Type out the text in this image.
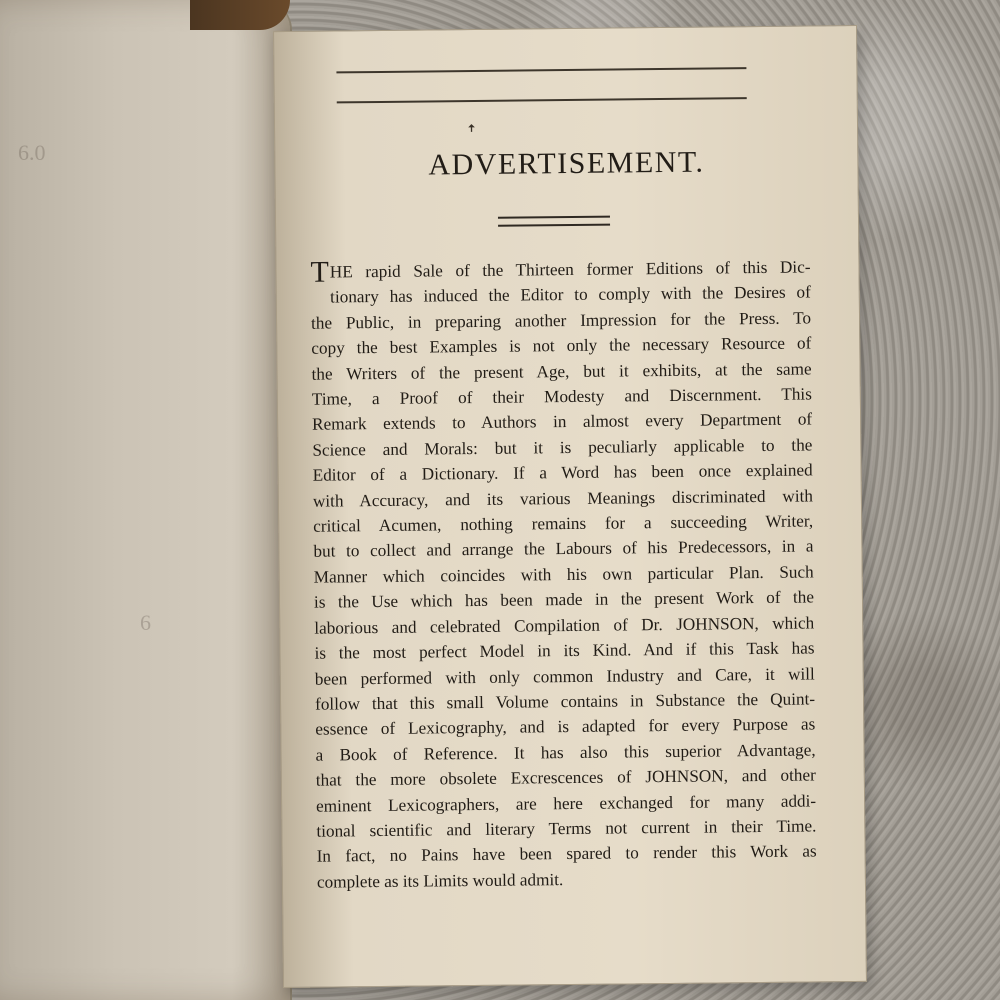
6.0
6
ꜛ
ADVERTISEMENT.
THE rapid Sale of the Thirteen former Editions of this Dic-
tionary has induced the Editor to comply with the Desires of
the Public, in preparing another Impression for the Press. To
copy the best Examples is not only the necessary Resource of
the Writers of the present Age, but it exhibits, at the same
Time, a Proof of their Modesty and Discernment. This
Remark extends to Authors in almost every Department of
Science and Morals: but it is peculiarly applicable to the
Editor of a Dictionary. If a Word has been once explained
with Accuracy, and its various Meanings discriminated with
critical Acumen, nothing remains for a succeeding Writer,
but to collect and arrange the Labours of his Predecessors, in a
Manner which coincides with his own particular Plan. Such
is the Use which has been made in the present Work of the
laborious and celebrated Compilation of Dr. JOHNSON, which
is the most perfect Model in its Kind. And if this Task has
been performed with only common Industry and Care, it will
follow that this small Volume contains in Substance the Quint-
essence of Lexicography, and is adapted for every Purpose as
a Book of Reference. It has also this superior Advantage,
that the more obsolete Excrescences of JOHNSON, and other
eminent Lexicographers, are here exchanged for many addi-
tional scientific and literary Terms not current in their Time.
In fact, no Pains have been spared to render this Work as
complete as its Limits would admit.
